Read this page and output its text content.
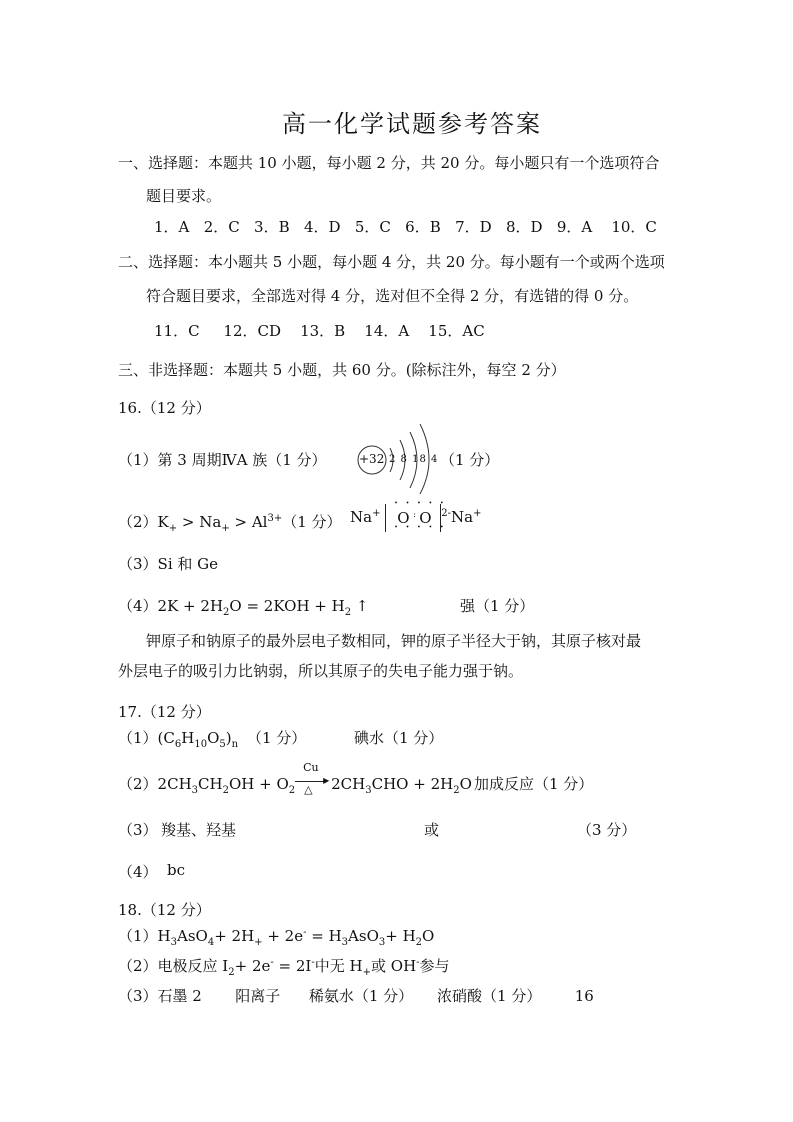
高一化学试题参考答案
一、选择题：本题共 10 小题，每小题 2 分，共 20 分。每小题只有一个选项符合
题目要求。
1．A 2．C 3．B 4．D 5．C 6．B 7．D 8．D 9．A 10．C
二、选择题：本小题共 5 小题，每小题 4 分，共 20 分。每小题有一个或两个选项
符合题目要求，全部选对得 4 分，选对但不全得 2 分，有选错的得 0 分。
11．C 12．CD 13．B 14．A 15．AC
三、非选择题：本题共 5 小题，共 60 分。(除标注外，每空 2 分）
16.（12 分）
（1）第 3 周期ⅣA 族（1 分）	+32 2 8 18 4 （1 分）
$(2)K_+ > Na_+ > Al^{3+}(1$ 分） Na+
• • • • •
O : O
• • • • •
$^{2-}$Na+
（3）Si 和 Ge
$(4)2K + 2H_2O = 2KOH + H_2$ ↑	强（1 分）
钾原子和钠原子的最外层电子数相同，钾的原子半径大于钠，其原子核对最
外层电子的吸引力比钠弱，所以其原子的失电子能力强于钠。
17.（12 分）
$(1)(C_6H_{10}O_5)_n$ （1 分）	碘水（1 分）
$(2)2CH_3CH_2OH + O_2$
Cu
▶
△ $2CH_3CHO + 2H_2O$ 加成反应（1 分）
（3） 羧基、羟基	或	（3 分）
（4） bc
18.（12 分）
$(1)H_3AsO_4+ 2H_+ + 2e^- = H_3AsO_3+ H_2O$
（2）电极反应 $I_2+ 2e^- = 2I^-$中无 $H_+$或 OH-参与
（3）石墨 2 阳离子 稀氨水（1 分） 浓硝酸（1 分） 16
